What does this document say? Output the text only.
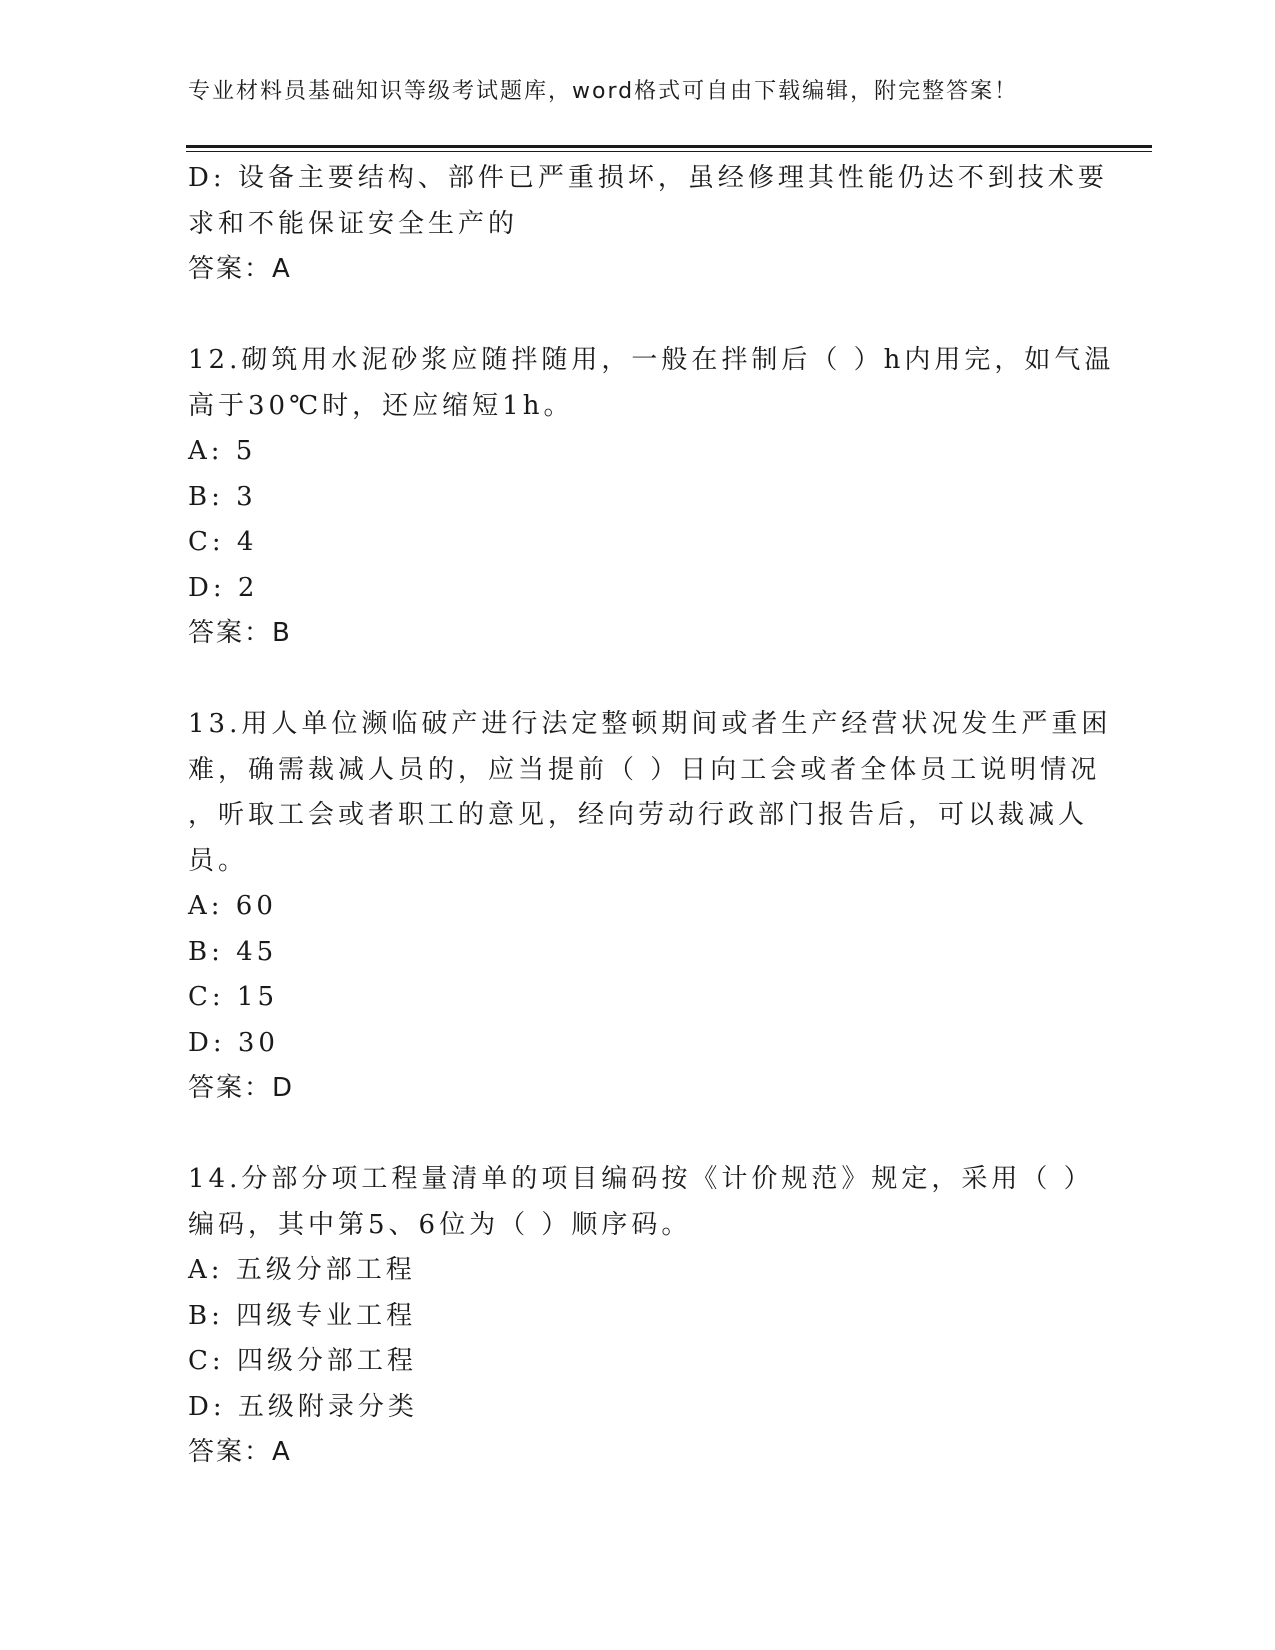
专业材料员基础知识等级考试题库，word格式可自由下载编辑，附完整答案！
D: 设备主要结构、部件已严重损坏，虽经修理其性能仍达不到技术要
求和不能保证安全生产的
答案：A
12.砌筑用水泥砂浆应随拌随用，一般在拌制后（ ）h内用完，如气温
高于30℃时，还应缩短1h。
A: 5
B: 3
C: 4
D: 2
答案：B
13.用人单位濒临破产进行法定整顿期间或者生产经营状况发生严重困
难，确需裁减人员的，应当提前（ ）日向工会或者全体员工说明情况
，听取工会或者职工的意见，经向劳动行政部门报告后，可以裁减人
员。
A: 60
B: 45
C: 15
D: 30
答案：D
14.分部分项工程量清单的项目编码按《计价规范》规定，采用（ ）
编码，其中第5、6位为（ ）顺序码。
A: 五级分部工程
B: 四级专业工程
C: 四级分部工程
D: 五级附录分类
答案：A
